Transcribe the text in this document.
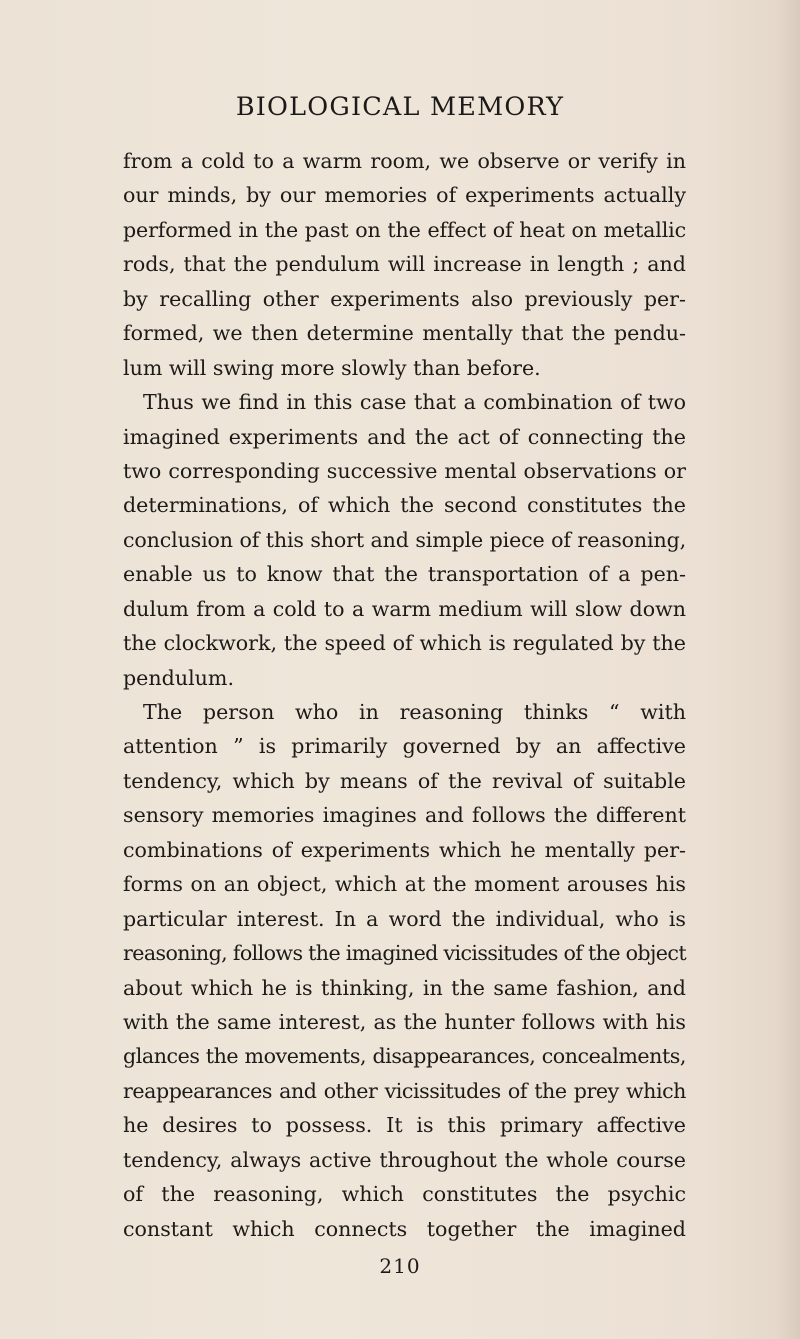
BIOLOGICAL MEMORY
from a cold to a warm room, we observe or verify in
our minds, by our memories of experiments actually
performed in the past on the effect of heat on metallic
rods, that the pendulum will increase in length ; and
by recalling other experiments also previously per-
formed, we then determine mentally that the pendu-
lum will swing more slowly than before.
Thus we find in this case that a combination of two
imagined experiments and the act of connecting the
two corresponding successive mental observations or
determinations, of which the second constitutes the
conclusion of this short and simple piece of reasoning,
enable us to know that the transportation of a pen-
dulum from a cold to a warm medium will slow down
the clockwork, the speed of which is regulated by the
pendulum.
The person who in reasoning thinks “ with
attention ” is primarily governed by an affective
tendency, which by means of the revival of suitable
sensory memories imagines and follows the different
combinations of experiments which he mentally per-
forms on an object, which at the moment arouses his
particular interest. In a word the individual, who is
reasoning, follows the imagined vicissitudes of the object
about which he is thinking, in the same fashion, and
with the same interest, as the hunter follows with his
glances the movements, disappearances, concealments,
reappearances and other vicissitudes of the prey which
he desires to possess. It is this primary affective
tendency, always active throughout the whole course
of the reasoning, which constitutes the psychic
constant which connects together the imagined
210
